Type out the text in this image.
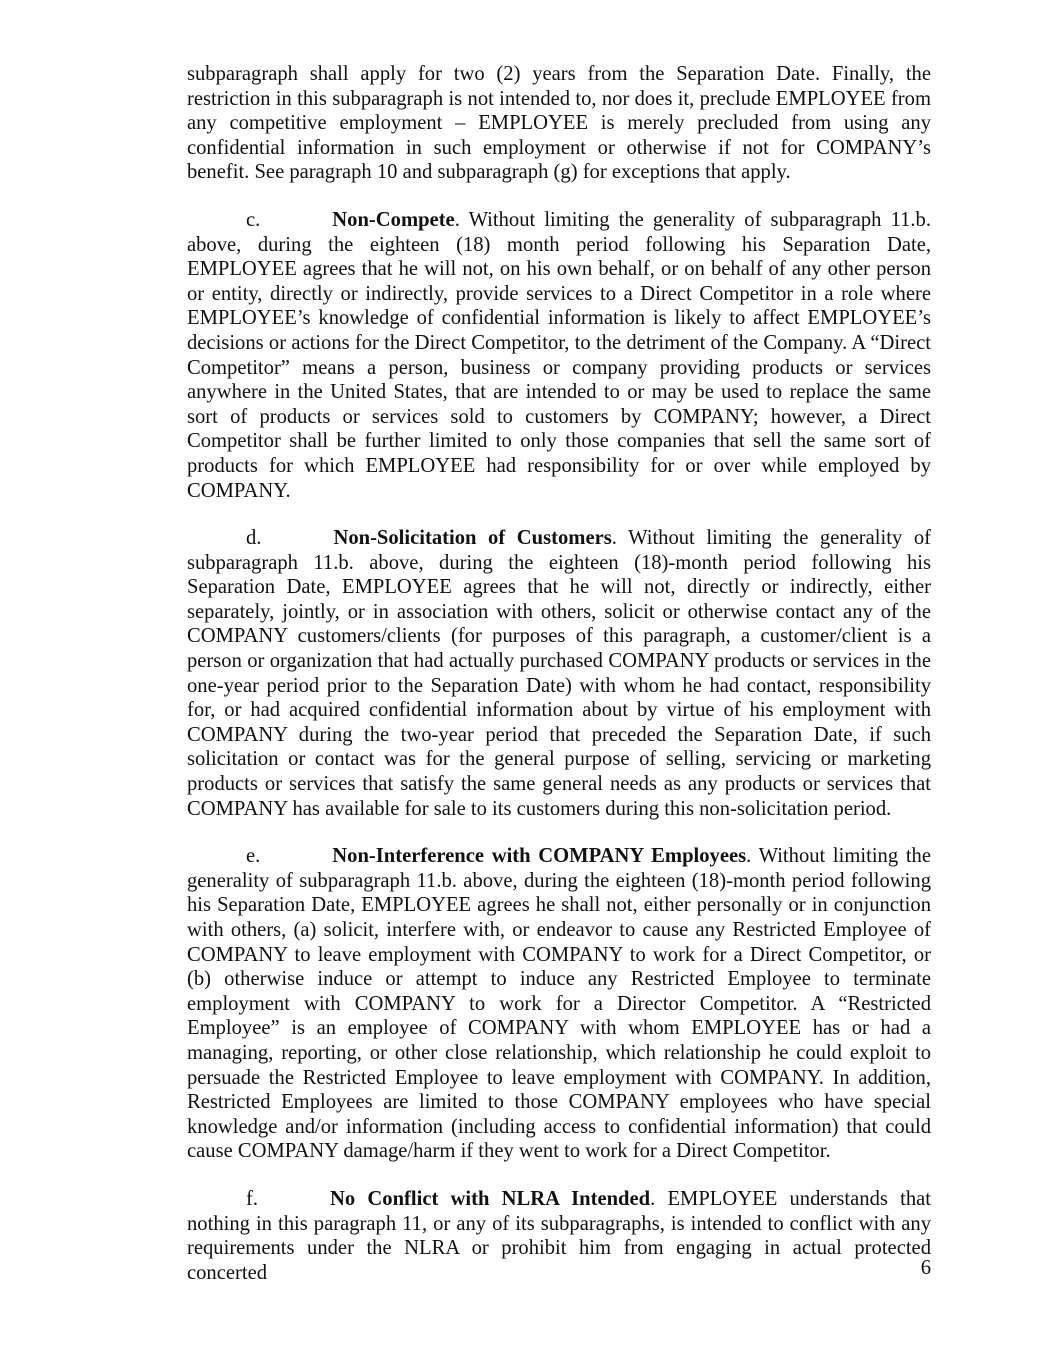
subparagraph shall apply for two (2) years from the Separation Date. Finally, the restriction in this subparagraph is not intended to, nor does it, preclude EMPLOYEE from any competitive employment – EMPLOYEE is merely precluded from using any confidential information in such employment or otherwise if not for COMPANY’s benefit. See paragraph 10 and subparagraph (g) for exceptions that apply.

c.	Non-Compete. Without limiting the generality of subparagraph 11.b. above, during the eighteen (18) month period following his Separation Date, EMPLOYEE agrees that he will not, on his own behalf, or on behalf of any other person or entity, directly or indirectly, provide services to a Direct Competitor in a role where EMPLOYEE’s knowledge of confidential information is likely to affect EMPLOYEE’s decisions or actions for the Direct Competitor, to the detriment of the Company. A “Direct Competitor” means a person, business or company providing products or services anywhere in the United States, that are intended to or may be used to replace the same sort of products or services sold to customers by COMPANY; however, a Direct Competitor shall be further limited to only those companies that sell the same sort of products for which EMPLOYEE had responsibility for or over while employed by COMPANY.

d.	Non-Solicitation of Customers. Without limiting the generality of subparagraph 11.b. above, during the eighteen (18)-month period following his Separation Date, EMPLOYEE agrees that he will not, directly or indirectly, either separately, jointly, or in association with others, solicit or otherwise contact any of the COMPANY customers/clients (for purposes of this paragraph, a customer/client is a person or organization that had actually purchased COMPANY products or services in the one-year period prior to the Separation Date) with whom he had contact, responsibility for, or had acquired confidential information about by virtue of his employment with COMPANY during the two-year period that preceded the Separation Date, if such solicitation or contact was for the general purpose of selling, servicing or marketing products or services that satisfy the same general needs as any products or services that COMPANY has available for sale to its customers during this non-solicitation period.

e.	Non-Interference with COMPANY Employees. Without limiting the generality of subparagraph 11.b. above, during the eighteen (18)-month period following his Separation Date, EMPLOYEE agrees he shall not, either personally or in conjunction with others, (a) solicit, interfere with, or endeavor to cause any Restricted Employee of COMPANY to leave employment with COMPANY to work for a Direct Competitor, or (b) otherwise induce or attempt to induce any Restricted Employee to terminate employment with COMPANY to work for a Director Competitor. A “Restricted Employee” is an employee of COMPANY with whom EMPLOYEE has or had a managing, reporting, or other close relationship, which relationship he could exploit to persuade the Restricted Employee to leave employment with COMPANY. In addition, Restricted Employees are limited to those COMPANY employees who have special knowledge and/or information (including access to confidential information) that could cause COMPANY damage/harm if they went to work for a Direct Competitor.

f.	No Conflict with NLRA Intended. EMPLOYEE understands that nothing in this paragraph 11, or any of its subparagraphs, is intended to conflict with any requirements under the NLRA or prohibit him from engaging in actual protected concerted	6
